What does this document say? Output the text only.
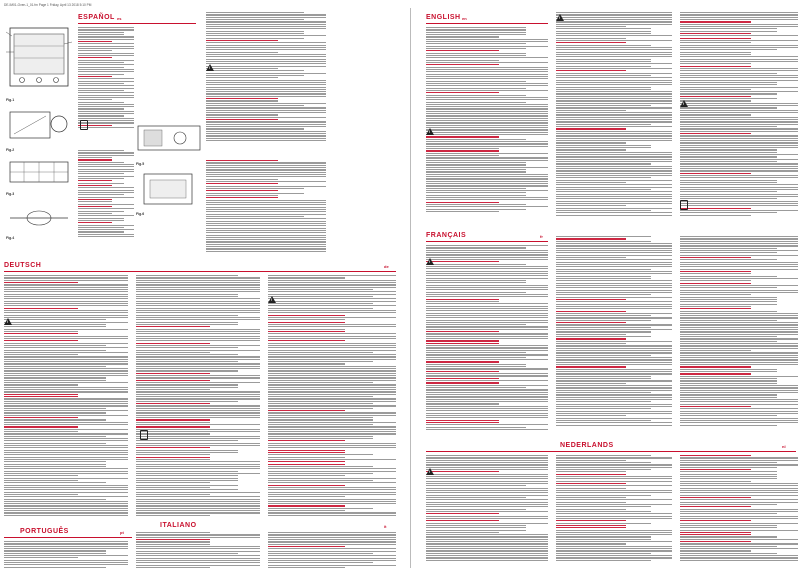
DE-IM01-Oven-1_01.fm Page 1 Friday, April 13 2018 5:10 PM
Fig.1
Fig.2
Fig.3
Fig.4
Fig.5
Fig.6
ESPAÑOL es
DEUTSCH	de
PORTUGUÊS	pt
ENGLISH en
FRANÇAIS	fr
ITALIANO	it
NEDERLANDS	nl
!
!
!
!
!
!
!
!
